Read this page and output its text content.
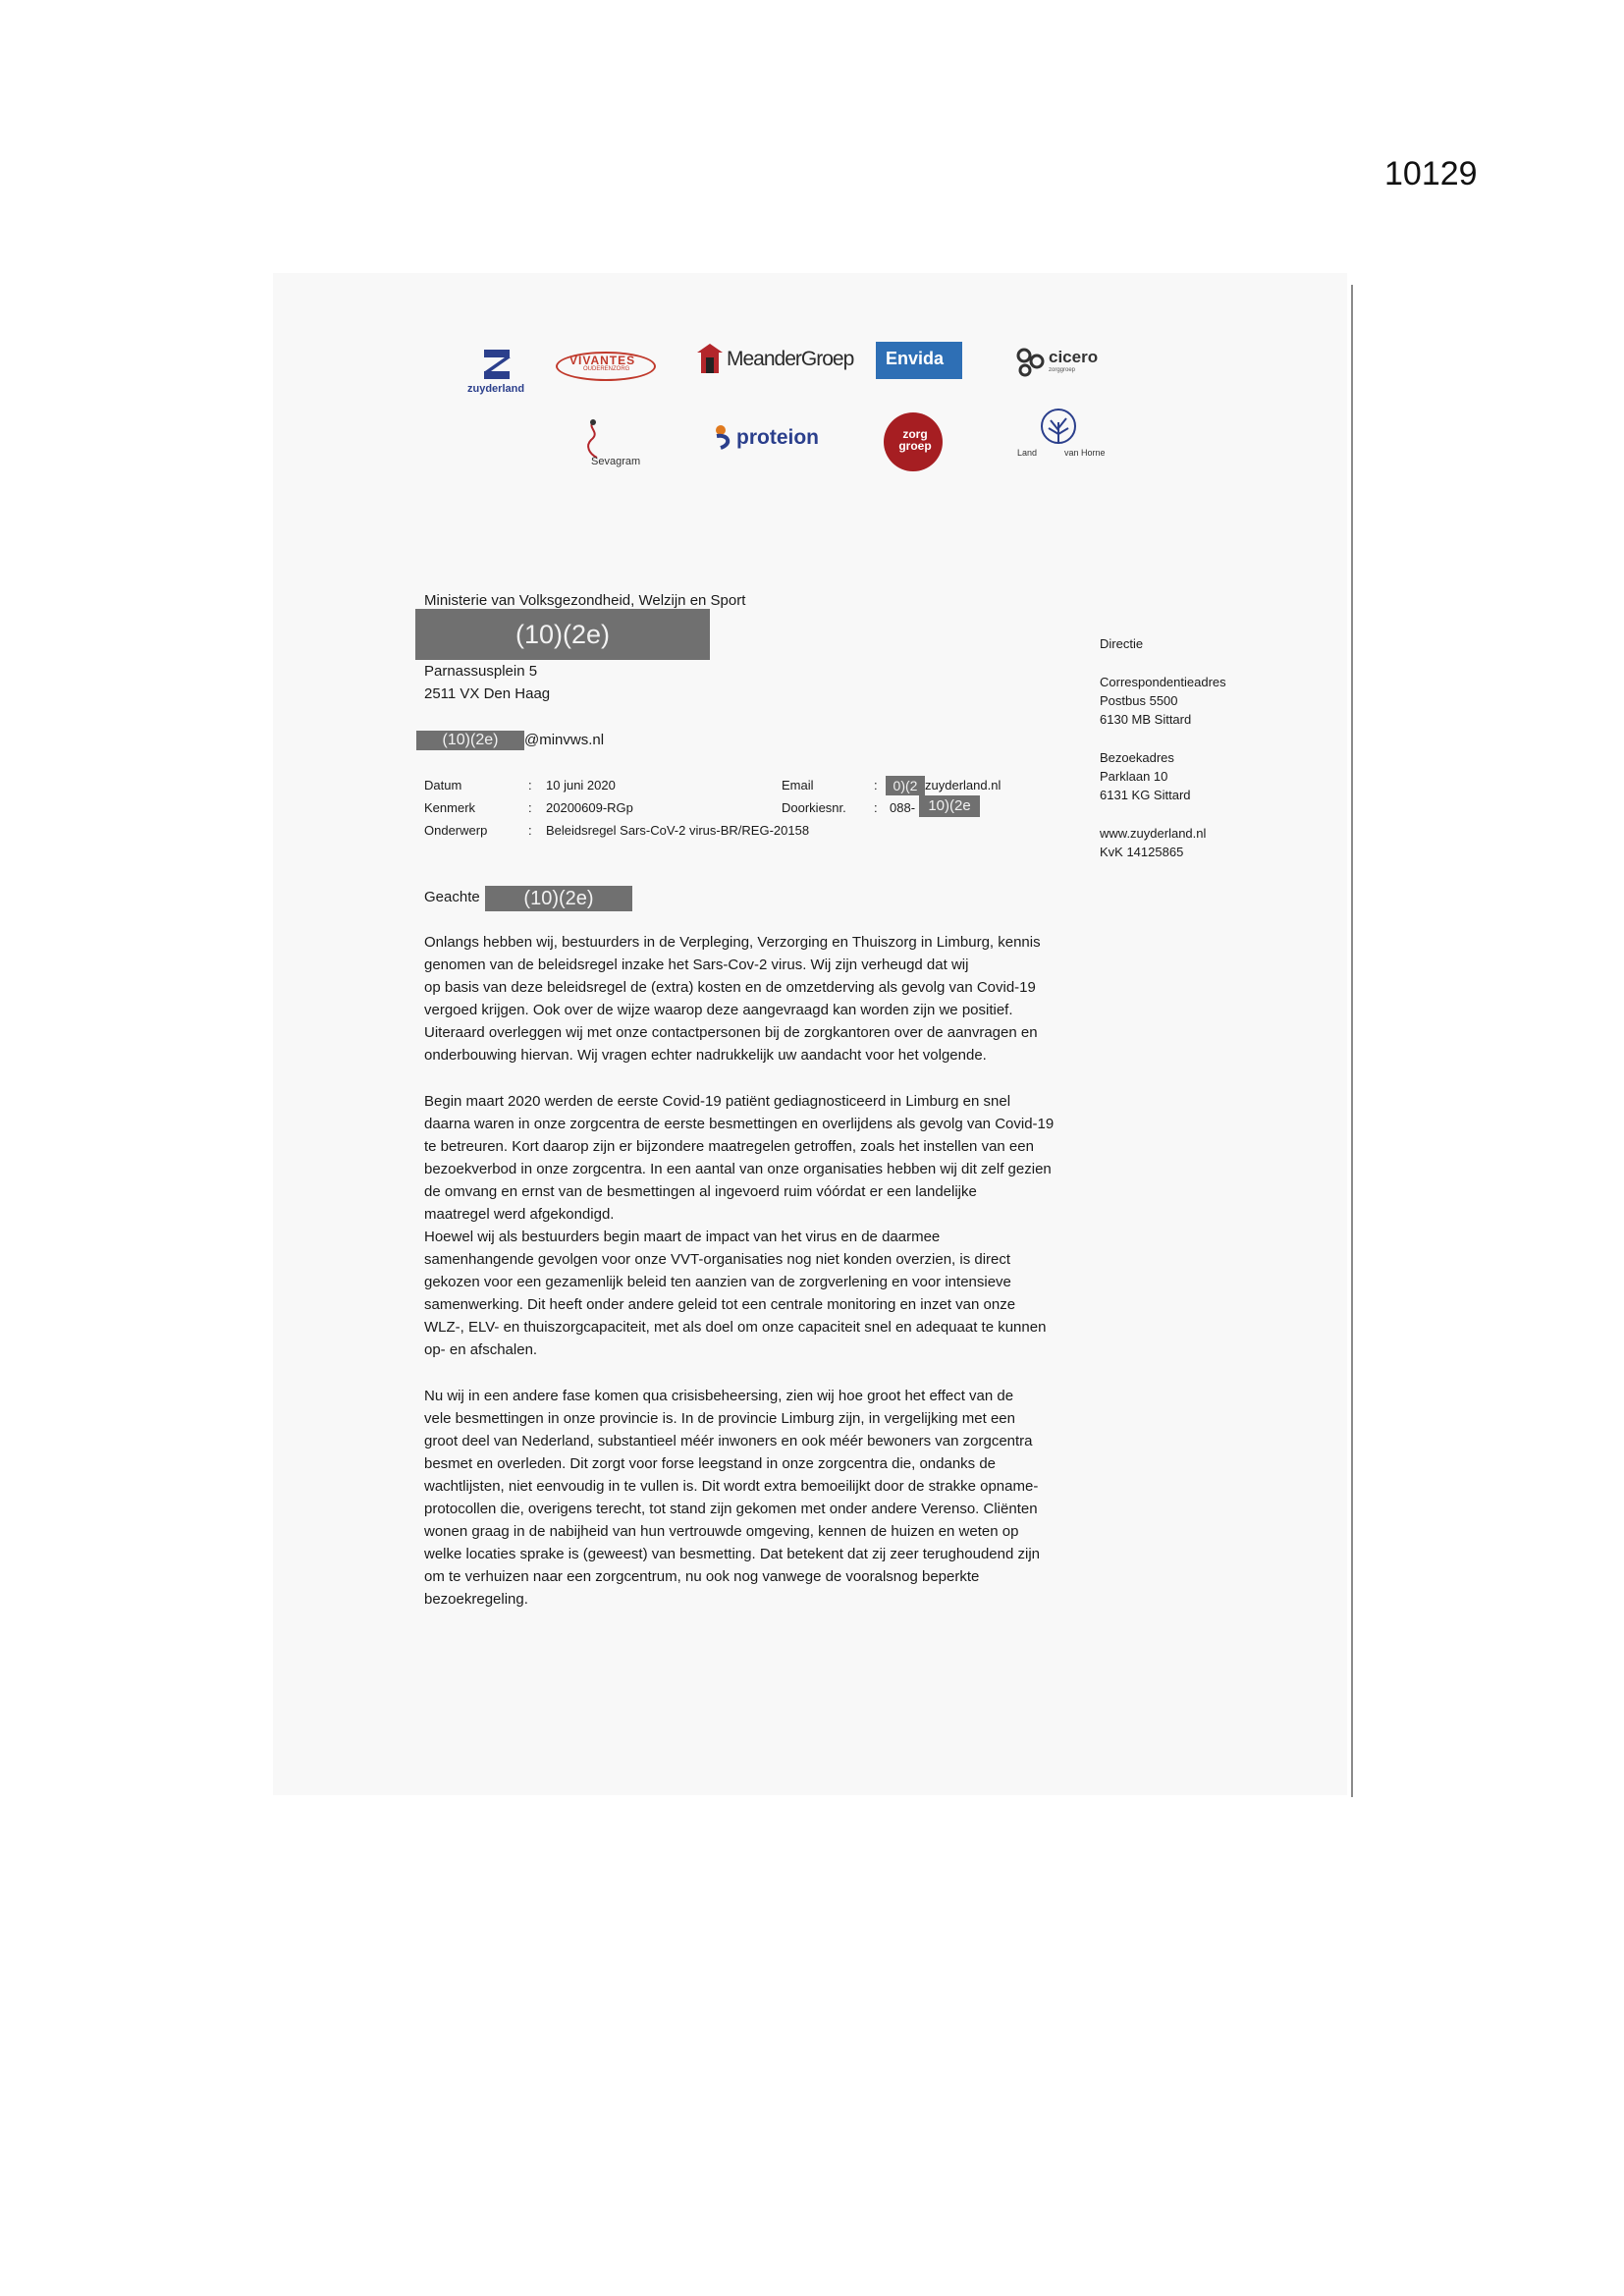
10129
zuyderland
VIVANTES
OUDERENZORG	MeanderGroep Envida	cicero
zorggroep
Sevagram
proteion	zorg groep	Land	van Horne
Ministerie van Volksgezondheid, Welzijn en Sport
(10)(2e)
Parnassusplein 5
2511 VX Den Haag
(10)(2e)	@minvws.nl
Datum	: 10 juni 2020
Kenmerk	: 20200609-RGp
Onderwerp	: Beleidsregel Sars-CoV-2 virus-BR/REG-20158
Email	:	0)(2 zuyderland.nl
Doorkiesnr. : 088- 10)(2e
Directie
Correspondentieadres
Postbus 5500
6130 MB Sittard
Bezoekadres
Parklaan 10
6131 KG Sittard
www.zuyderland.nl
KvK 14125865
Geachte	(10)(2e)
Onlangs hebben wij, bestuurders in de Verpleging, Verzorging en Thuiszorg in Limburg, kennis
genomen van de beleidsregel inzake het Sars-Cov-2 virus. Wij zijn verheugd dat wij
op basis van deze beleidsregel de (extra) kosten en de omzetderving als gevolg van Covid-19
vergoed krijgen. Ook over de wijze waarop deze aangevraagd kan worden zijn we positief.
Uiteraard overleggen wij met onze contactpersonen bij de zorgkantoren over de aanvragen en
onderbouwing hiervan. Wij vragen echter nadrukkelijk uw aandacht voor het volgende.
Begin maart 2020 werden de eerste Covid-19 patiënt gediagnosticeerd in Limburg en snel
daarna waren in onze zorgcentra de eerste besmettingen en overlijdens als gevolg van Covid-19
te betreuren. Kort daarop zijn er bijzondere maatregelen getroffen, zoals het instellen van een
bezoekverbod in onze zorgcentra. In een aantal van onze organisaties hebben wij dit zelf gezien
de omvang en ernst van de besmettingen al ingevoerd ruim vóórdat er een landelijke
maatregel werd afgekondigd.
Hoewel wij als bestuurders begin maart de impact van het virus en de daarmee
samenhangende gevolgen voor onze VVT-organisaties nog niet konden overzien, is direct
gekozen voor een gezamenlijk beleid ten aanzien van de zorgverlening en voor intensieve
samenwerking. Dit heeft onder andere geleid tot een centrale monitoring en inzet van onze
WLZ-, ELV- en thuiszorgcapaciteit, met als doel om onze capaciteit snel en adequaat te kunnen
op- en afschalen.
Nu wij in een andere fase komen qua crisisbeheersing, zien wij hoe groot het effect van de
vele besmettingen in onze provincie is. In de provincie Limburg zijn, in vergelijking met een
groot deel van Nederland, substantieel méér inwoners en ook méér bewoners van zorgcentra
besmet en overleden. Dit zorgt voor forse leegstand in onze zorgcentra die, ondanks de
wachtlijsten, niet eenvoudig in te vullen is. Dit wordt extra bemoeilijkt door de strakke opname-
protocollen die, overigens terecht, tot stand zijn gekomen met onder andere Verenso. Cliënten
wonen graag in de nabijheid van hun vertrouwde omgeving, kennen de huizen en weten op
welke locaties sprake is (geweest) van besmetting. Dat betekent dat zij zeer terughoudend zijn
om te verhuizen naar een zorgcentrum, nu ook nog vanwege de vooralsnog beperkte
bezoekregeling.
